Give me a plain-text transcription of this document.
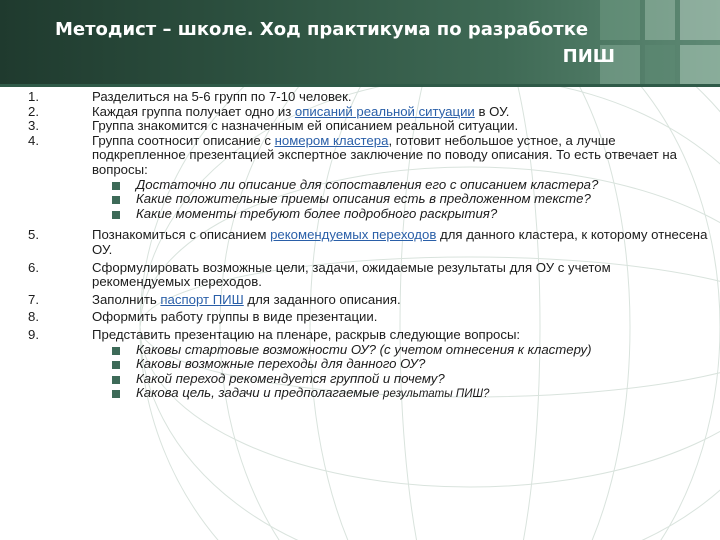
Методист – школе. Ход практикума по разработке
ПИШ
1.	Разделиться на 5-6 групп по 7-10 человек.
2.	Каждая группа получает одно из описаний реальной ситуации в ОУ.
3.	Группа знакомится с назначенным ей описанием реальной ситуации.
4.	Группа соотносит описание с номером кластера, готовит небольшое устное, а лучше подкрепленное презентацией экспертное заключение по поводу описания. То есть отвечает на вопросы:
Достаточно ли описание для сопоставления его с описанием кластера?
Какие положительные приемы описания есть в предложенном тексте?
Какие моменты требуют более подробного раскрытия?
5.	Познакомиться с описанием рекомендуемых переходов для данного кластера, к которому отнесена ОУ.
6.	Сформулировать возможные цели, задачи, ожидаемые результаты для ОУ с учетом рекомендуемых переходов.
7.	Заполнить паспорт ПИШ для заданного описания.
8.	Оформить работу группы в виде презентации.
9.	Представить презентацию на пленаре, раскрыв следующие вопросы:
Каковы стартовые возможности ОУ? (с учетом отнесения к кластеру)
Каковы возможные переходы для данного ОУ?
Какой переход рекомендуется группой и почему?
Какова цель, задачи и предполагаемые результаты ПИШ?
